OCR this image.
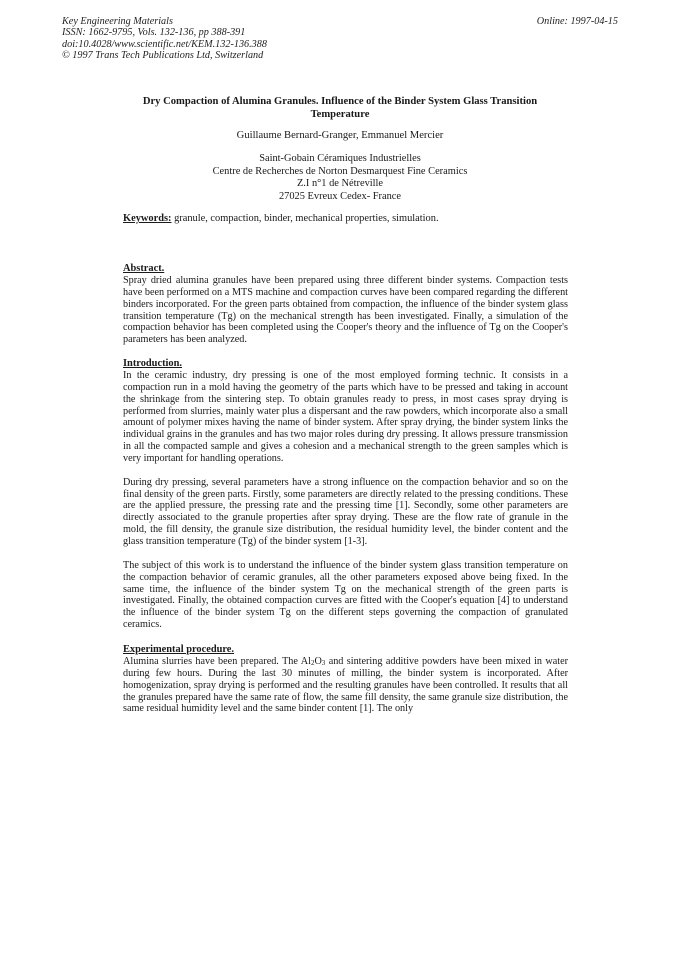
Key Engineering Materials
ISSN: 1662-9795, Vols. 132-136, pp 388-391
doi:10.4028/www.scientific.net/KEM.132-136.388
© 1997 Trans Tech Publications Ltd, Switzerland
Online: 1997-04-15
Dry Compaction of Alumina Granules. Influence of the Binder System Glass Transition Temperature
Guillaume Bernard-Granger, Emmanuel Mercier
Saint-Gobain Céramiques Industrielles
Centre de Recherches de Norton Desmarquest Fine Ceramics
Z.I n°1 de Nétreville
27025 Evreux Cedex- France
Keywords: granule, compaction, binder, mechanical properties, simulation.
Abstract.

Spray dried alumina granules have been prepared using three different binder systems. Compaction tests have been performed on a MTS machine and compaction curves have been compared regarding the different binders incorporated. For the green parts obtained from compaction, the influence of the binder system glass transition temperature (Tg) on the mechanical strength has been investigated. Finally, a simulation of the compaction behavior has been completed using the Cooper's theory and the influence of Tg on the Cooper's parameters has been analyzed.

Introduction.

In the ceramic industry, dry pressing is one of the most employed forming technic. It consists in a compaction run in a mold having the geometry of the parts which have to be pressed and taking in account the shrinkage from the sintering step. To obtain granules ready to press, in most cases spray drying is performed from slurries, mainly water plus a dispersant and the raw powders, which incorporate also a small amount of polymer mixes having the name of binder system. After spray drying, the binder system links the individual grains in the granules and has two major roles during dry pressing. It allows pressure transmission in all the compacted sample and gives a cohesion and a mechanical strength to the green samples which is very important for handling operations.

During dry pressing, several parameters have a strong influence on the compaction behavior and so on the final density of the green parts. Firstly, some parameters are directly related to the pressing conditions. These are the applied pressure, the pressing rate and the pressing time [1]. Secondly, some other parameters are directly associated to the granule properties after spray drying. These are the flow rate of granule in the mold, the fill density, the granule size distribution, the residual humidity level, the binder content and the glass transition temperature (Tg) of the binder system [1-3].

The subject of this work is to understand the influence of the binder system glass transition temperature on the compaction behavior of ceramic granules, all the other parameters exposed above being fixed. In the same time, the influence of the binder system Tg on the mechanical strength of the green parts is investigated. Finally, the obtained compaction curves are fitted with the Cooper's equation [4] to understand the influence of the binder system Tg on the different steps governing the compaction of granulated ceramics.

Experimental procedure.

Alumina slurries have been prepared. The $Al_2O_3$ and sintering additive powders have been mixed in water during few hours. During the last 30 minutes of milling, the binder system is incorporated. After homogenization, spray drying is performed and the resulting granules have been controlled. It results that all the granules prepared have the same rate of flow, the same fill density, the same granule size distribution, the same residual humidity level and the same binder content [1]. The only
